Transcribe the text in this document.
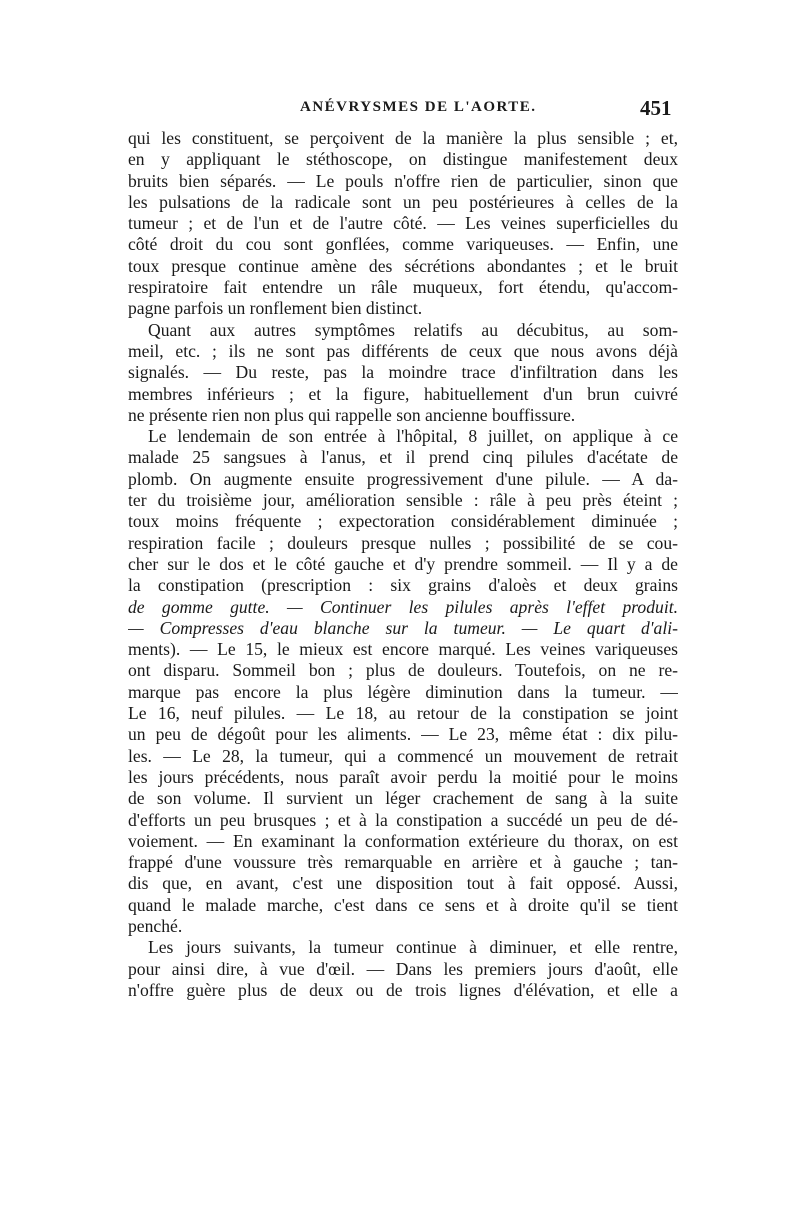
ANÉVRYSMES DE L'AORTE.	451
qui les constituent, se perçoivent de la manière la plus sensible ; et,
en y appliquant le stéthoscope, on distingue manifestement deux
bruits bien séparés. — Le pouls n'offre rien de particulier, sinon que
les pulsations de la radicale sont un peu postérieures à celles de la
tumeur ; et de l'un et de l'autre côté. — Les veines superficielles du
côté droit du cou sont gonflées, comme variqueuses. — Enfin, une
toux presque continue amène des sécrétions abondantes ; et le bruit
respiratoire fait entendre un râle muqueux, fort étendu, qu'accom-
pagne parfois un ronflement bien distinct.
Quant aux autres symptômes relatifs au décubitus, au som-
meil, etc. ; ils ne sont pas différents de ceux que nous avons déjà
signalés. — Du reste, pas la moindre trace d'infiltration dans les
membres inférieurs ; et la figure, habituellement d'un brun cuivré
ne présente rien non plus qui rappelle son ancienne bouffissure.
Le lendemain de son entrée à l'hôpital, 8 juillet, on applique à ce
malade 25 sangsues à l'anus, et il prend cinq pilules d'acétate de
plomb. On augmente ensuite progressivement d'une pilule. — A da-
ter du troisième jour, amélioration sensible : râle à peu près éteint ;
toux moins fréquente ; expectoration considérablement diminuée ;
respiration facile ; douleurs presque nulles ; possibilité de se cou-
cher sur le dos et le côté gauche et d'y prendre sommeil. — Il y a de
la constipation (prescription : six grains d'aloès et deux grains
de gomme gutte. — Continuer les pilules après l'effet produit.
— Compresses d'eau blanche sur la tumeur. — Le quart d'ali-
ments). — Le 15, le mieux est encore marqué. Les veines variqueuses
ont disparu. Sommeil bon ; plus de douleurs. Toutefois, on ne re-
marque pas encore la plus légère diminution dans la tumeur. —
Le 16, neuf pilules. — Le 18, au retour de la constipation se joint
un peu de dégoût pour les aliments. — Le 23, même état : dix pilu-
les. — Le 28, la tumeur, qui a commencé un mouvement de retrait
les jours précédents, nous paraît avoir perdu la moitié pour le moins
de son volume. Il survient un léger crachement de sang à la suite
d'efforts un peu brusques ; et à la constipation a succédé un peu de dé-
voiement. — En examinant la conformation extérieure du thorax, on est
frappé d'une voussure très remarquable en arrière et à gauche ; tan-
dis que, en avant, c'est une disposition tout à fait opposé. Aussi,
quand le malade marche, c'est dans ce sens et à droite qu'il se tient
penché.
Les jours suivants, la tumeur continue à diminuer, et elle rentre,
pour ainsi dire, à vue d'œil. — Dans les premiers jours d'août, elle
n'offre guère plus de deux ou de trois lignes d'élévation, et elle a
